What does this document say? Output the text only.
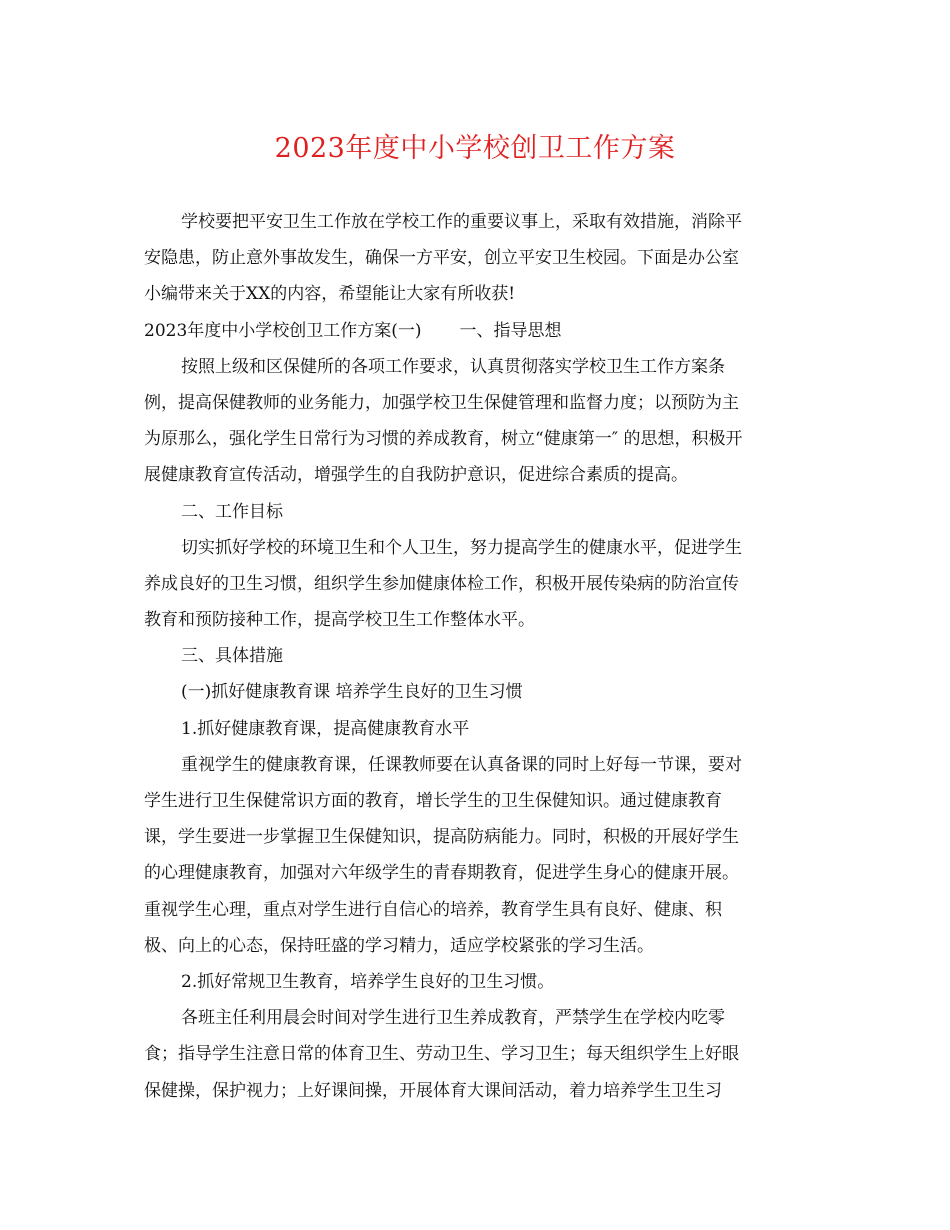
2023年度中小学校创卫工作方案
学校要把平安卫生工作放在学校工作的重要议事上，采取有效措施，消除平
安隐患，防止意外事故发生，确保一方平安，创立平安卫生校园。下面是办公室
小编带来关于XX的内容，希望能让大家有所收获!
2023年度中小学校创卫工作方案(一) 一、指导思想
按照上级和区保健所的各项工作要求，认真贯彻落实学校卫生工作方案条
例，提高保健教师的业务能力，加强学校卫生保健管理和监督力度；以预防为主
为原那么，强化学生日常行为习惯的养成教育，树立“健康第一″ 的思想，积极开
展健康教育宣传活动，增强学生的自我防护意识，促进综合素质的提高。
二、工作目标
切实抓好学校的环境卫生和个人卫生，努力提高学生的健康水平，促进学生
养成良好的卫生习惯，组织学生参加健康体检工作，积极开展传染病的防治宣传
教育和预防接种工作，提高学校卫生工作整体水平。
三、具体措施
(一)抓好健康教育课 培养学生良好的卫生习惯
1.抓好健康教育课，提高健康教育水平
重视学生的健康教育课，任课教师要在认真备课的同时上好每一节课，要对
学生进行卫生保健常识方面的教育，增长学生的卫生保健知识。通过健康教育
课，学生要进一步掌握卫生保健知识，提高防病能力。同时，积极的开展好学生
的心理健康教育，加强对六年级学生的青春期教育，促进学生身心的健康开展。
重视学生心理，重点对学生进行自信心的培养，教育学生具有良好、健康、积
极、向上的心态，保持旺盛的学习精力，适应学校紧张的学习生活。
2.抓好常规卫生教育，培养学生良好的卫生习惯。
各班主任利用晨会时间对学生进行卫生养成教育，严禁学生在学校内吃零
食；指导学生注意日常的体育卫生、劳动卫生、学习卫生；每天组织学生上好眼
保健操，保护视力；上好课间操，开展体育大课间活动，着力培养学生卫生习
